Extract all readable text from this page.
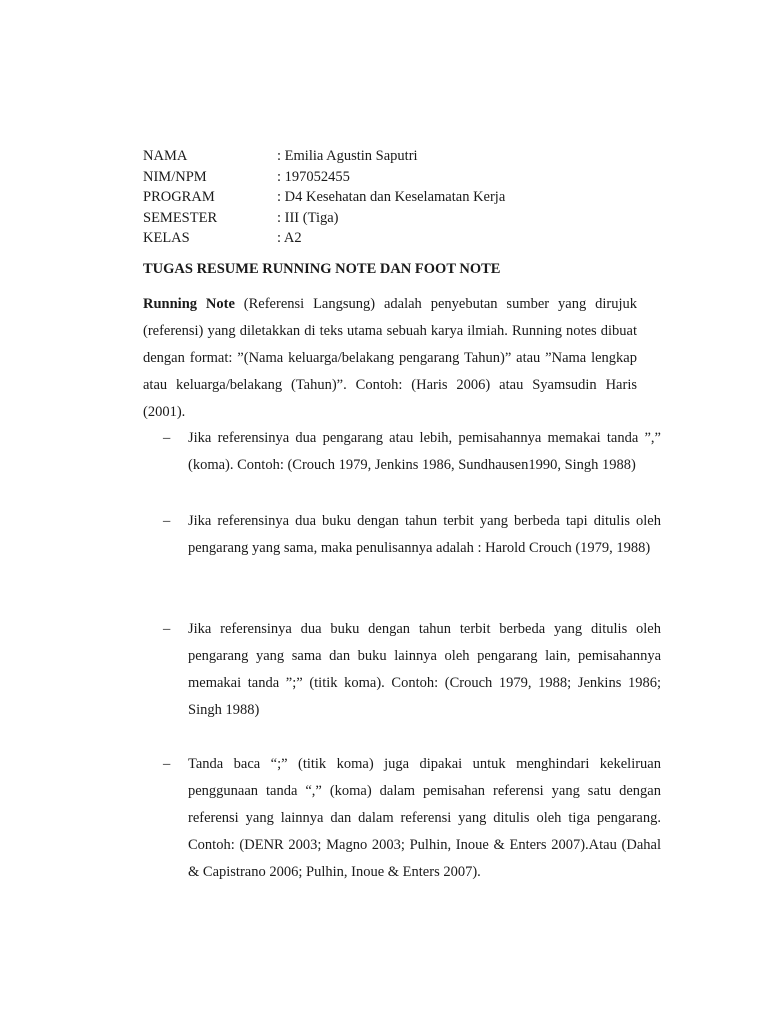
NAMA	: Emilia Agustin Saputri
NIM/NPM	: 197052455
PROGRAM	: D4 Kesehatan dan Keselamatan Kerja
SEMESTER	: III (Tiga)
KELAS	: A2
TUGAS RESUME RUNNING NOTE DAN FOOT NOTE

Running Note (Referensi Langsung) adalah penyebutan sumber yang dirujuk (referensi) yang diletakkan di teks utama sebuah karya ilmiah. Running notes dibuat dengan format: ”(Nama keluarga/belakang pengarang Tahun)” atau ”Nama lengkap atau keluarga/belakang (Tahun)”. Contoh: (Haris 2006) atau Syamsudin Haris (2001).

–	Jika referensinya dua pengarang atau lebih, pemisahannya memakai tanda ”,” (koma). Contoh: (Crouch 1979, Jenkins 1986, Sundhausen1990, Singh 1988)

–	Jika referensinya dua buku dengan tahun terbit yang berbeda tapi ditulis oleh pengarang yang sama, maka penulisannya adalah : Harold Crouch (1979, 1988)

–	Jika referensinya dua buku dengan tahun terbit berbeda yang ditulis oleh pengarang yang sama dan buku lainnya oleh pengarang lain, pemisahannya memakai tanda ”;” (titik koma). Contoh: (Crouch 1979, 1988; Jenkins 1986; Singh 1988)

–	Tanda baca “;” (titik koma) juga dipakai untuk menghindari kekeliruan penggunaan tanda “,” (koma) dalam pemisahan referensi yang satu dengan referensi yang lainnya dan dalam referensi yang ditulis oleh tiga pengarang. Contoh: (DENR 2003; Magno 2003; Pulhin, Inoue & Enters 2007).Atau (Dahal & Capistrano 2006; Pulhin, Inoue & Enters 2007).
